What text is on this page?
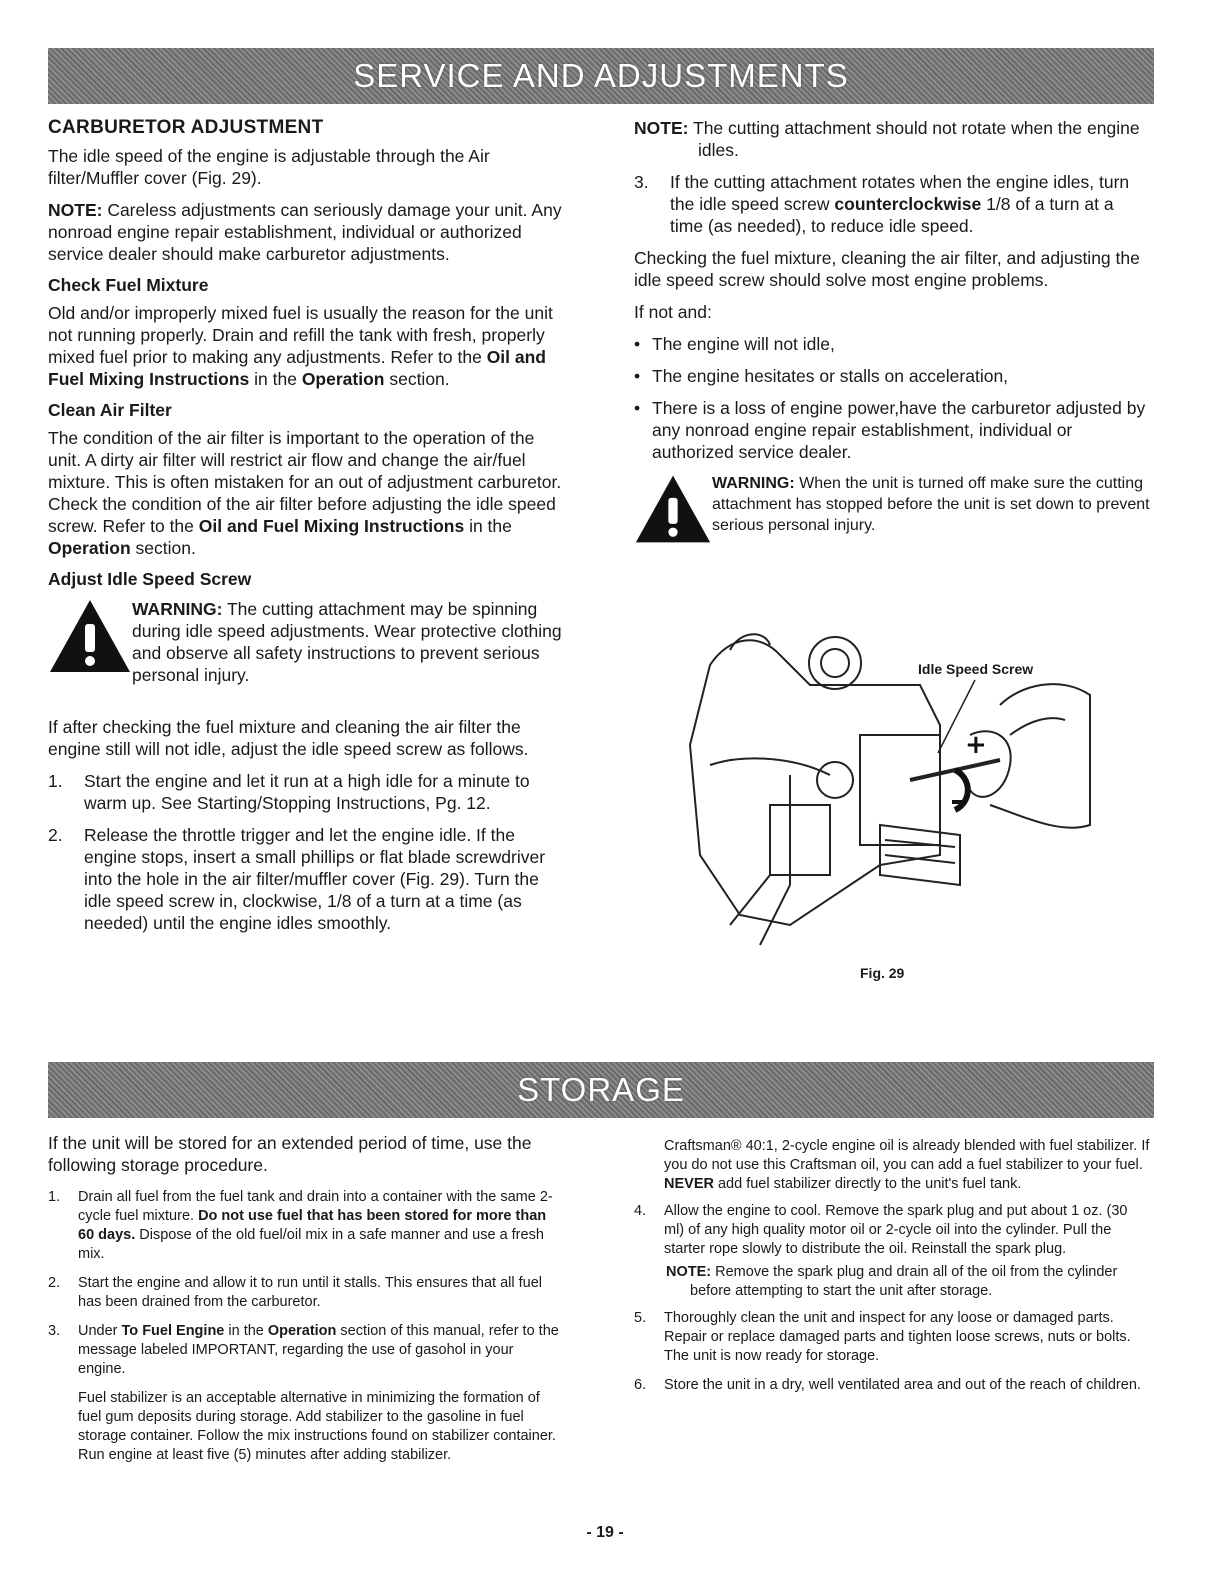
SERVICE AND ADJUSTMENTS
CARBURETOR ADJUSTMENT

The idle speed of the engine is adjustable through the Air filter/Muffler cover (Fig. 29).

NOTE: Careless adjustments can seriously damage your unit. Any nonroad engine repair establishment, individual or authorized service dealer should make carburetor adjustments.

Check Fuel Mixture

Old and/or improperly mixed fuel is usually the reason for the unit not running properly. Drain and refill the tank with fresh, properly mixed fuel prior to making any adjustments. Refer to the Oil and Fuel Mixing Instructions in the Operation section.

Clean Air Filter

The condition of the air filter is important to the operation of the unit. A dirty air filter will restrict air flow and change the air/fuel mixture. This is often mistaken for an out of adjustment carburetor. Check the condition of the air filter before adjusting the idle speed screw. Refer to the Oil and Fuel Mixing Instructions in the Operation section.

Adjust Idle Speed Screw

WARNING: The cutting attachment may be spinning during idle speed adjustments. Wear protective clothing and observe all safety instructions to prevent serious personal injury.

If after checking the fuel mixture and cleaning the air filter the engine still will not idle, adjust the idle speed screw as follows.

1.	Start the engine and let it run at a high idle for a minute to warm up. See Starting/Stopping Instructions, Pg. 12.
2.	Release the throttle trigger and let the engine idle. If the engine stops, insert a small phillips or flat blade screwdriver into the hole in the air filter/muffler cover (Fig. 29). Turn the idle speed screw in, clockwise, 1/8 of a turn at a time (as needed) until the engine idles smoothly.

NOTE: The cutting attachment should not rotate when the engine idles.

3.	If the cutting attachment rotates when the engine idles, turn the idle speed screw counterclockwise 1/8 of a turn at a time (as needed), to reduce idle speed.

Checking the fuel mixture, cleaning the air filter, and adjusting the idle speed screw should solve most engine problems.

If not and:

• The engine will not idle,
• The engine hesitates or stalls on acceleration,
• There is a loss of engine power,have the carburetor adjusted by any nonroad engine repair establishment, individual or authorized service dealer.

WARNING: When the unit is turned off make sure the cutting attachment has stopped before the unit is set down to prevent serious personal injury.

+
Idle Speed Screw
Fig. 29
STORAGE

If the unit will be stored for an extended period of time, use the following storage procedure.

1.	Drain all fuel from the fuel tank and drain into a container with the same 2-cycle fuel mixture. Do not use fuel that has been stored for more than 60 days. Dispose of the old fuel/oil mix in a safe manner and use a fresh mix.
2.	Start the engine and allow it to run until it stalls. This ensures that all fuel has been drained from the carburetor.
3.	Under To Fuel Engine in the Operation section of this manual, refer to the message labeled IMPORTANT, regarding the use of gasohol in your engine.

Fuel stabilizer is an acceptable alternative in minimizing the formation of fuel gum deposits during storage. Add stabilizer to the gasoline in fuel storage container. Follow the mix instructions found on stabilizer container. Run engine at least five (5) minutes after adding stabilizer.

Craftsman® 40:1, 2-cycle engine oil is already blended with fuel stabilizer. If you do not use this Craftsman oil, you can add a fuel stabilizer to your fuel. NEVER add fuel stabilizer directly to the unit's fuel tank.

4.	Allow the engine to cool. Remove the spark plug and put about 1 oz. (30 ml) of any high quality motor oil or 2-cycle oil into the cylinder. Pull the starter rope slowly to distribute the oil. Reinstall the spark plug.

NOTE: Remove the spark plug and drain all of the oil from the cylinder before attempting to start the unit after storage.

5.	Thoroughly clean the unit and inspect for any loose or damaged parts. Repair or replace damaged parts and tighten loose screws, nuts or bolts. The unit is now ready for storage.
6.	Store the unit in a dry, well ventilated area and out of the reach of children.
- 19 -
